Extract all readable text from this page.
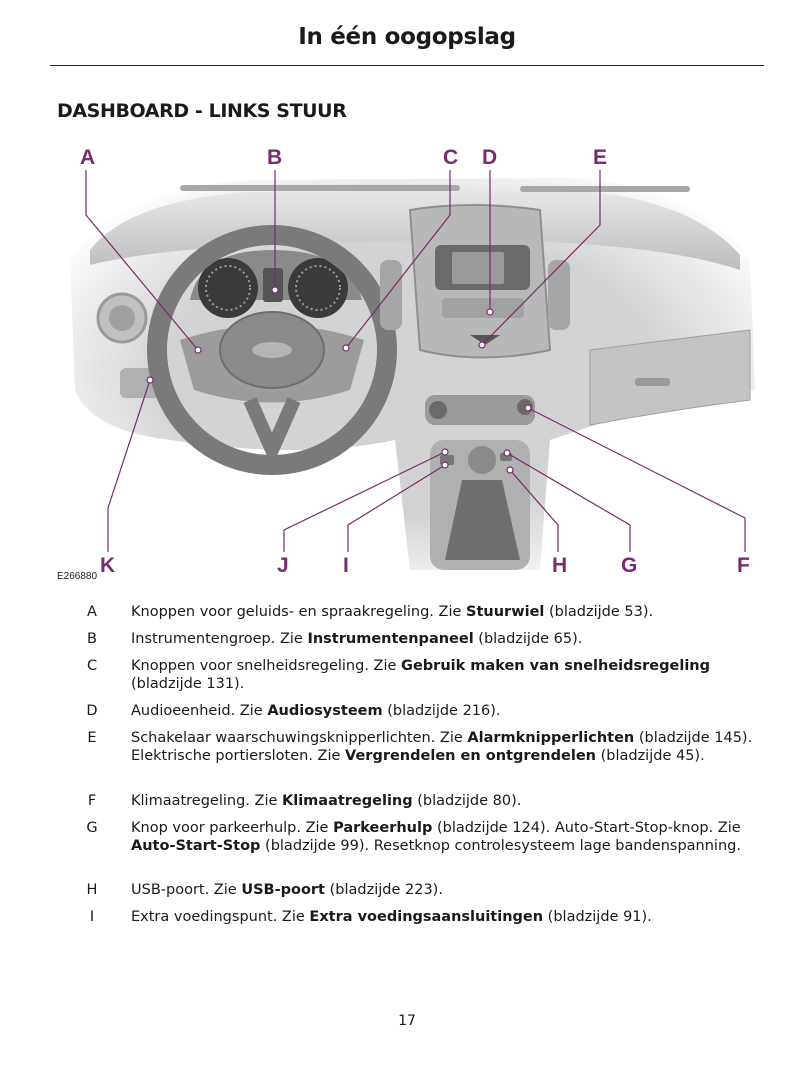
In één oogopslag
DASHBOARD - LINKS STUUR
A	B	C D	E
F
G
H
I
J
K
E266880
A	Knoppen voor geluids- en spraakregeling. Zie Stuurwiel (bladzijde 53).
B	Instrumentengroep. Zie Instrumentenpaneel (bladzijde 65).
C	Knoppen voor snelheidsregeling. Zie Gebruik maken van snelheidsregeling (bladzijde 131).
D	Audioeenheid. Zie Audiosysteem (bladzijde 216).
E	Schakelaar waarschuwingsknipperlichten. Zie Alarmknipperlichten (bladzijde 145). Elektrische portiersloten. Zie Vergrendelen en ontgrendelen (bladzijde 45).
F	Klimaatregeling. Zie Klimaatregeling (bladzijde 80).
G	Knop voor parkeerhulp. Zie Parkeerhulp (bladzijde 124). Auto-Start-Stop-knop. Zie Auto-Start-Stop (bladzijde 99). Resetknop controlesysteem lage bandenspanning.
H	USB-poort. Zie USB-poort (bladzijde 223).
I	Extra voedingspunt. Zie Extra voedingsaansluitingen (bladzijde 91).
17
